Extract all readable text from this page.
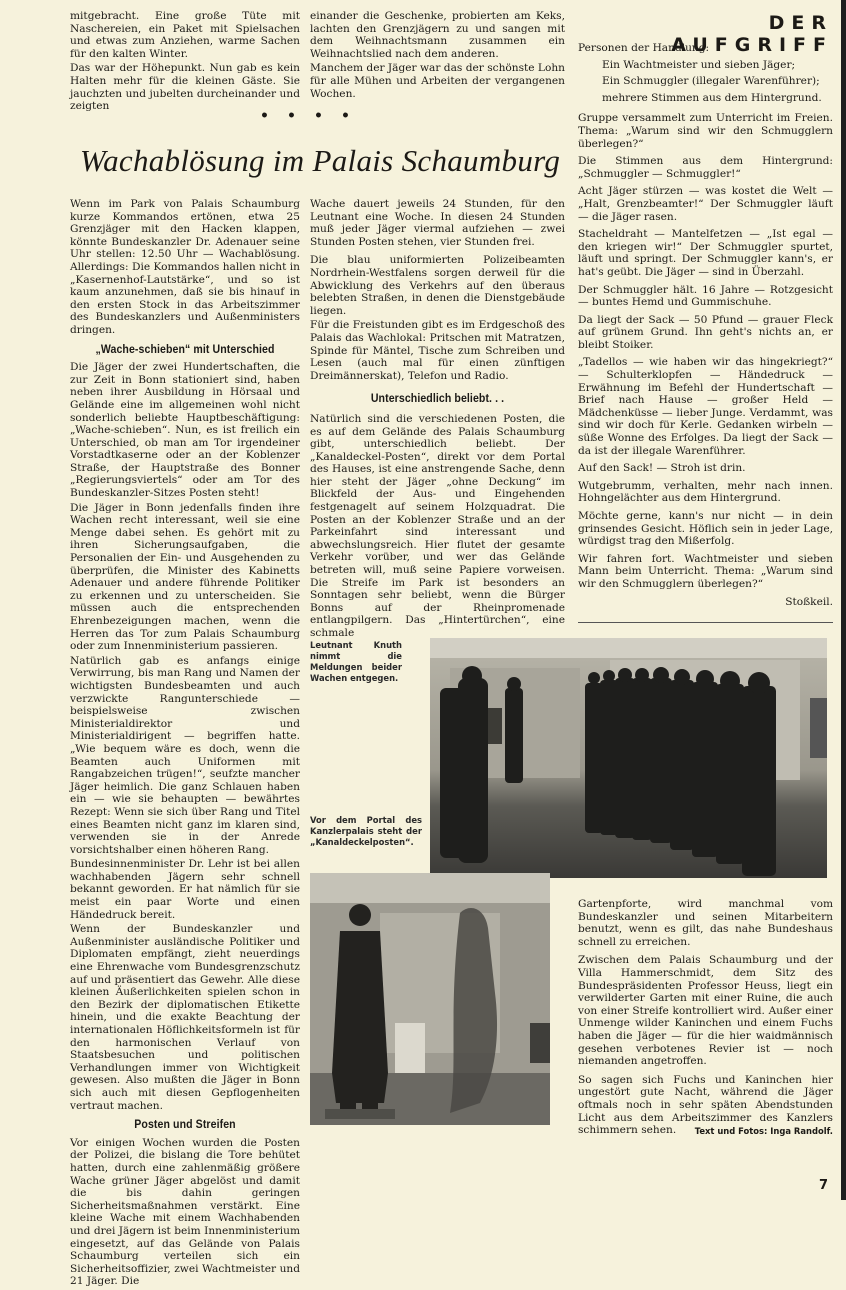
mitgebracht. Eine große Tüte mit Naschereien, ein Paket mit Spielsachen und etwas zum Anziehen, warme Sachen für den kalten Winter.

Das war der Höhepunkt. Nun gab es kein Halten mehr für die kleinen Gäste. Sie jauchzten und jubelten durcheinander und zeigten

einander die Geschenke, probierten am Keks, lachten den Grenzjägern zu und sangen mit dem Weihnachtsmann zusammen ein Weihnachtslied nach dem anderen.

Manchem der Jäger war das der schönste Lohn für alle Mühen und Arbeiten der vergangenen Wochen.

• • • •
Wachablösung im Palais Schaumburg

Wenn im Park von Palais Schaumburg kurze Kommandos ertönen, etwa 25 Grenzjäger mit den Hacken klappen, könnte Bundeskanzler Dr. Adenauer seine Uhr stellen: 12.50 Uhr — Wachablösung. Allerdings: Die Kommandos hallen nicht in „Kasernenhof-Lautstärke“, und so ist kaum anzunehmen, daß sie bis hinauf in den ersten Stock in das Arbeitszimmer des Bundeskanzlers und Außenministers dringen.

„Wache-schieben“ mit Unterschied

Die Jäger der zwei Hundertschaften, die zur Zeit in Bonn stationiert sind, haben neben ihrer Ausbildung in Hörsaal und Gelände eine im allgemeinen wohl nicht sonderlich beliebte Hauptbeschäftigung: „Wache-schieben“. Nun, es ist freilich ein Unterschied, ob man am Tor irgendeiner Vorstadtkaserne oder an der Koblenzer Straße, der Hauptstraße des Bonner „Regierungsviertels“ oder am Tor des Bundeskanzler-Sitzes Posten steht!

Die Jäger in Bonn jedenfalls finden ihre Wachen recht interessant, weil sie eine Menge dabei sehen. Es gehört mit zu ihren Sicherungsaufgaben, die Personalien der Ein- und Ausgehenden zu überprüfen, die Minister des Kabinetts Adenauer und andere führende Politiker zu erkennen und zu unterscheiden. Sie müssen auch die entsprechenden Ehrenbezeigungen machen, wenn die Herren das Tor zum Palais Schaumburg oder zum Innenministerium passieren.

Natürlich gab es anfangs einige Verwirrung, bis man Rang und Namen der wichtigsten Bundesbeamten und auch verzwickte Rangunterschiede — beispielsweise zwischen Ministerialdirektor und Ministerialdirigent — begriffen hatte. „Wie bequem wäre es doch, wenn die Beamten auch Uniformen mit Rangabzeichen trügen!“, seufzte mancher Jäger heimlich. Die ganz Schlauen haben ein — wie sie behaupten — bewährtes Rezept: Wenn sie sich über Rang und Titel eines Beamten nicht ganz im klaren sind, verwenden sie in der Anrede vorsichtshalber einen höheren Rang.

Bundesinnenminister Dr. Lehr ist bei allen wachhabenden Jägern sehr schnell bekannt geworden. Er hat nämlich für sie meist ein paar Worte und einen Händedruck bereit.

Wenn der Bundeskanzler und Außenminister ausländische Politiker und Diplomaten empfängt, zieht neuerdings eine Ehrenwache vom Bundesgrenzschutz auf und präsentiert das Gewehr. Alle diese kleinen Äußerlichkeiten spielen schon in den Bezirk der diplomatischen Etikette hinein, und die exakte Beachtung der internationalen Höflichkeitsformeln ist für den harmonischen Verlauf von Staatsbesuchen und politischen Verhandlungen immer von Wichtigkeit gewesen. Also mußten die Jäger in Bonn sich auch mit diesen Gepflogenheiten vertraut machen.

Posten und Streifen

Vor einigen Wochen wurden die Posten der Polizei, die bislang die Tore behütet hatten, durch eine zahlenmäßig größere Wache grüner Jäger abgelöst und damit die bis dahin geringen Sicherheitsmaßnahmen verstärkt. Eine kleine Wache mit einem Wachhabenden und drei Jägern ist beim Innenministerium eingesetzt, auf das Gelände von Palais Schaumburg verteilen sich ein Sicherheitsoffizier, zwei Wachtmeister und 21 Jäger. Die

Wache dauert jeweils 24 Stunden, für den Leutnant eine Woche. In diesen 24 Stunden muß jeder Jäger viermal aufziehen — zwei Stunden Posten stehen, vier Stunden frei.

Die blau uniformierten Polizeibeamten Nordrhein-Westfalens sorgen derweil für die Abwicklung des Verkehrs auf den überaus belebten Straßen, in denen die Dienstgebäude liegen.

Für die Freistunden gibt es im Erdgeschoß des Palais das Wachlokal: Pritschen mit Matratzen, Spinde für Mäntel, Tische zum Schreiben und Lesen (auch mal für einen zünftigen Dreimännerskat), Telefon und Radio.

Unterschiedlich beliebt. . .

Natürlich sind die verschiedenen Posten, die es auf dem Gelände des Palais Schaumburg gibt, unterschiedlich beliebt. Der „Kanaldeckel-Posten“, direkt vor dem Portal des Hauses, ist eine anstrengende Sache, denn hier steht der Jäger „ohne Deckung“ im Blickfeld der Aus- und Eingehenden festgenagelt auf seinem Holzquadrat. Die Posten an der Koblenzer Straße und an der Parkeinfahrt sind interessant und abwechslungsreich. Hier flutet der gesamte Verkehr vorüber, und wer das Gelände betreten will, muß seine Papiere vorweisen. Die Streife im Park ist besonders an Sonntagen sehr beliebt, wenn die Bürger Bonns auf der Rheinpromenade entlangpilgern. Das „Hintertürchen“, eine schmale

DER AUFGRIFF

Personen der Handlung:

Ein Wachtmeister und sieben Jäger;

Ein Schmuggler (illegaler Warenführer);

mehrere Stimmen aus dem Hintergrund.

Gruppe versammelt zum Unterricht im Freien. Thema: „Warum sind wir den Schmugglern überlegen?“

Die Stimmen aus dem Hintergrund: „Schmuggler — Schmuggler!“

Acht Jäger stürzen — was kostet die Welt — „Halt, Grenzbeamter!“ Der Schmuggler läuft — die Jäger rasen.

Stacheldraht — Mantelfetzen — „Ist egal — den kriegen wir!“ Der Schmuggler spurtet, läuft und springt. Der Schmuggler kann's, er hat's geübt. Die Jäger — sind in Überzahl.

Der Schmuggler hält. 16 Jahre — Rotzgesicht — buntes Hemd und Gummischuhe.

Da liegt der Sack — 50 Pfund — grauer Fleck auf grünem Grund. Ihn geht's nichts an, er bleibt Stoiker.

„Tadellos — wie haben wir das hingekriegt?“ — Schulterklopfen — Händedruck — Erwähnung im Befehl der Hundertschaft — Brief nach Hause — großer Held — Mädchenküsse — lieber Junge. Verdammt, was sind wir doch für Kerle. Gedanken wirbeln — süße Wonne des Erfolges. Da liegt der Sack — da ist der illegale Warenführer.

Auf den Sack! — Stroh ist drin.

Wutgebrumm, verhalten, mehr nach innen. Hohngelächter aus dem Hintergrund.

Möchte gerne, kann's nur nicht — in dein grinsendes Gesicht. Höflich sein in jeder Lage, würdigst trag den Mißerfolg.

Wir fahren fort. Wachtmeister und sieben Mann beim Unterricht. Thema: „Warum sind wir den Schmugglern überlegen?“

Stoßkeil.

Leutnant Knuth nimmt die Meldungen beider Wachen entgegen.
Vor dem Portal des Kanzlerpalais steht der „Kanaldeckelposten“.

Gartenpforte, wird manchmal vom Bundeskanzler und seinen Mitarbeitern benutzt, wenn es gilt, das nahe Bundeshaus schnell zu erreichen.

Zwischen dem Palais Schaumburg und der Villa Hammerschmidt, dem Sitz des Bundespräsidenten Professor Heuss, liegt ein verwilderter Garten mit einer Ruine, die auch von einer Streife kontrolliert wird. Außer einer Unmenge wilder Kaninchen und einem Fuchs haben die Jäger — für die hier waidmännisch gesehen verbotenes Revier ist — noch niemanden angetroffen.

So sagen sich Fuchs und Kaninchen hier ungestört gute Nacht, während die Jäger oftmals noch in sehr späten Abendstunden Licht aus dem Arbeitszimmer des Kanzlers schimmern sehen. Text und Fotos: Inga Randolf.

7
